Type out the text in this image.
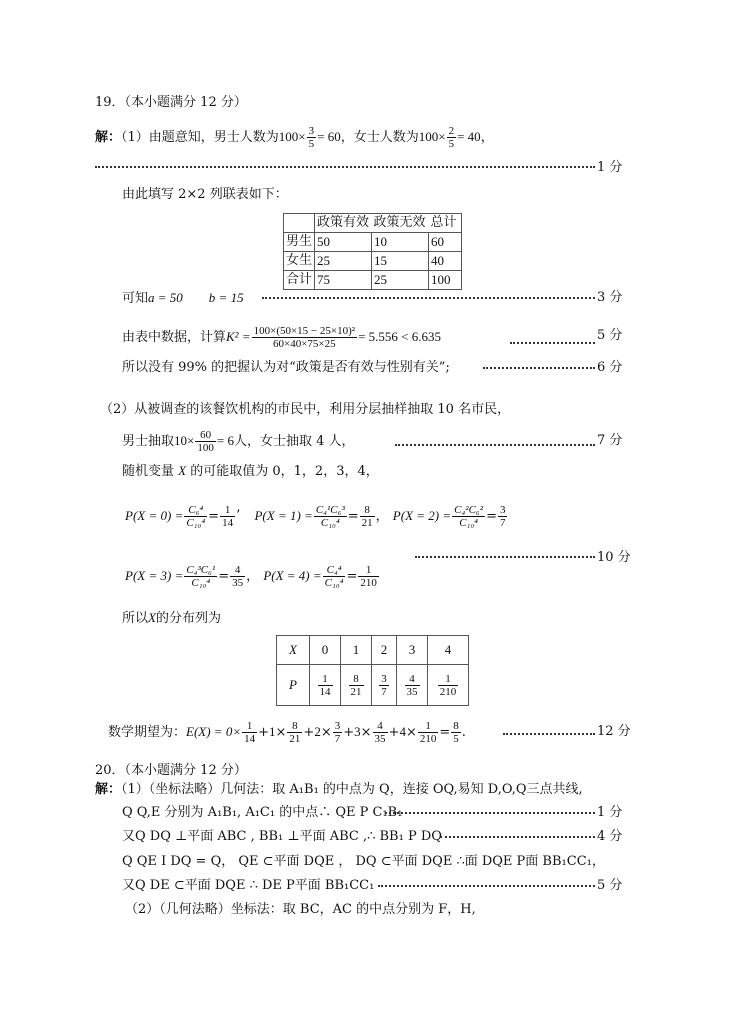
19．（本小题满分 12 分）
解：（1）由题意知，男士人数为$100\times \frac{3}{5} = 60$，女士人数为$100\times \frac{2}{5} = 40$，
1 分
由此填写 2×2 列联表如下：
	政策有效	政策无效	总计
男生	50	10	60
女生	25	15	40
合计	75	25	100
可知a = 50 b = 15	3 分
由表中数据，计算$K^2 = \frac{\text{100×(50×15 − 25×10)²}}{60\times 40\times 75\times 25} = 5.556 < 6.635$	5 分
所以没有 99% 的把握认为对“政策是否有效与性别有关”;	6 分
（2）从被调查的该餐饮机构的市民中，利用分层抽样抽取 10 名市民，
男士抽取$10\times \frac{60}{100} = 6$人，女士抽取 4 人，	7 分
随机变量 X 的可能取值为 0，1，2，3，4，
$P(X = 0) = \frac{\text{C₆⁴}}{\text{C₁₀⁴}} = \frac{1}{14}$ ’ $P(X = 1) = \frac{\text{C₄¹C₆³}}{\text{C₁₀⁴}} = \frac{8}{21}$ ， $P(X = 2) = \frac{\text{C₄²C₆²}}{\text{C₁₀⁴}} = \frac{3}{7}$
10 分
$P(X = 3) = \frac{\text{C₄³C₆¹}}{\text{C₁₀⁴}} = \frac{4}{35}$ ， $P(X = 4) = \frac{\text{C₄⁴}}{\text{C₁₀⁴}} = \frac{1}{210}$
所以X的分布列为
X	0	1	2	3	4
P	$\frac{1}{14}$	$\frac{8}{21}$	$\frac{3}{7}$	$\frac{4}{35}$	$\frac{1}{210}$
数学期望为：$E(X) = 0\times \frac{1}{14} +1\times \frac{8}{21} +2\times \frac{3}{7} +3\times \frac{4}{35} +4\times \frac{1}{210} = \frac{8}{5}$ .	12 分
20．（本小题满分 12 分）
解：（1）（坐标法略）几何法：取 A₁B₁ 的中点为 Q，连接 OQ,易知 D,O,Q三点共线,
Q Q,E 分别为 A₁B₁, A₁C₁ 的中点∴ QE P C₁B₁	1 分
又Q DQ ⊥平面 ABC , BB₁ ⊥平面 ABC ,∴ BB₁ P DQ	4 分
Q QE I DQ = Q， QE ⊂平面 DQE ， DQ ⊂平面 DQE ∴面 DQE P面 BB₁CC₁，
又Q DE ⊂平面 DQE ∴ DE P平面 BB₁CC₁	5 分
（2）（几何法略）坐标法：取 BC，AC 的中点分别为 F，H,
